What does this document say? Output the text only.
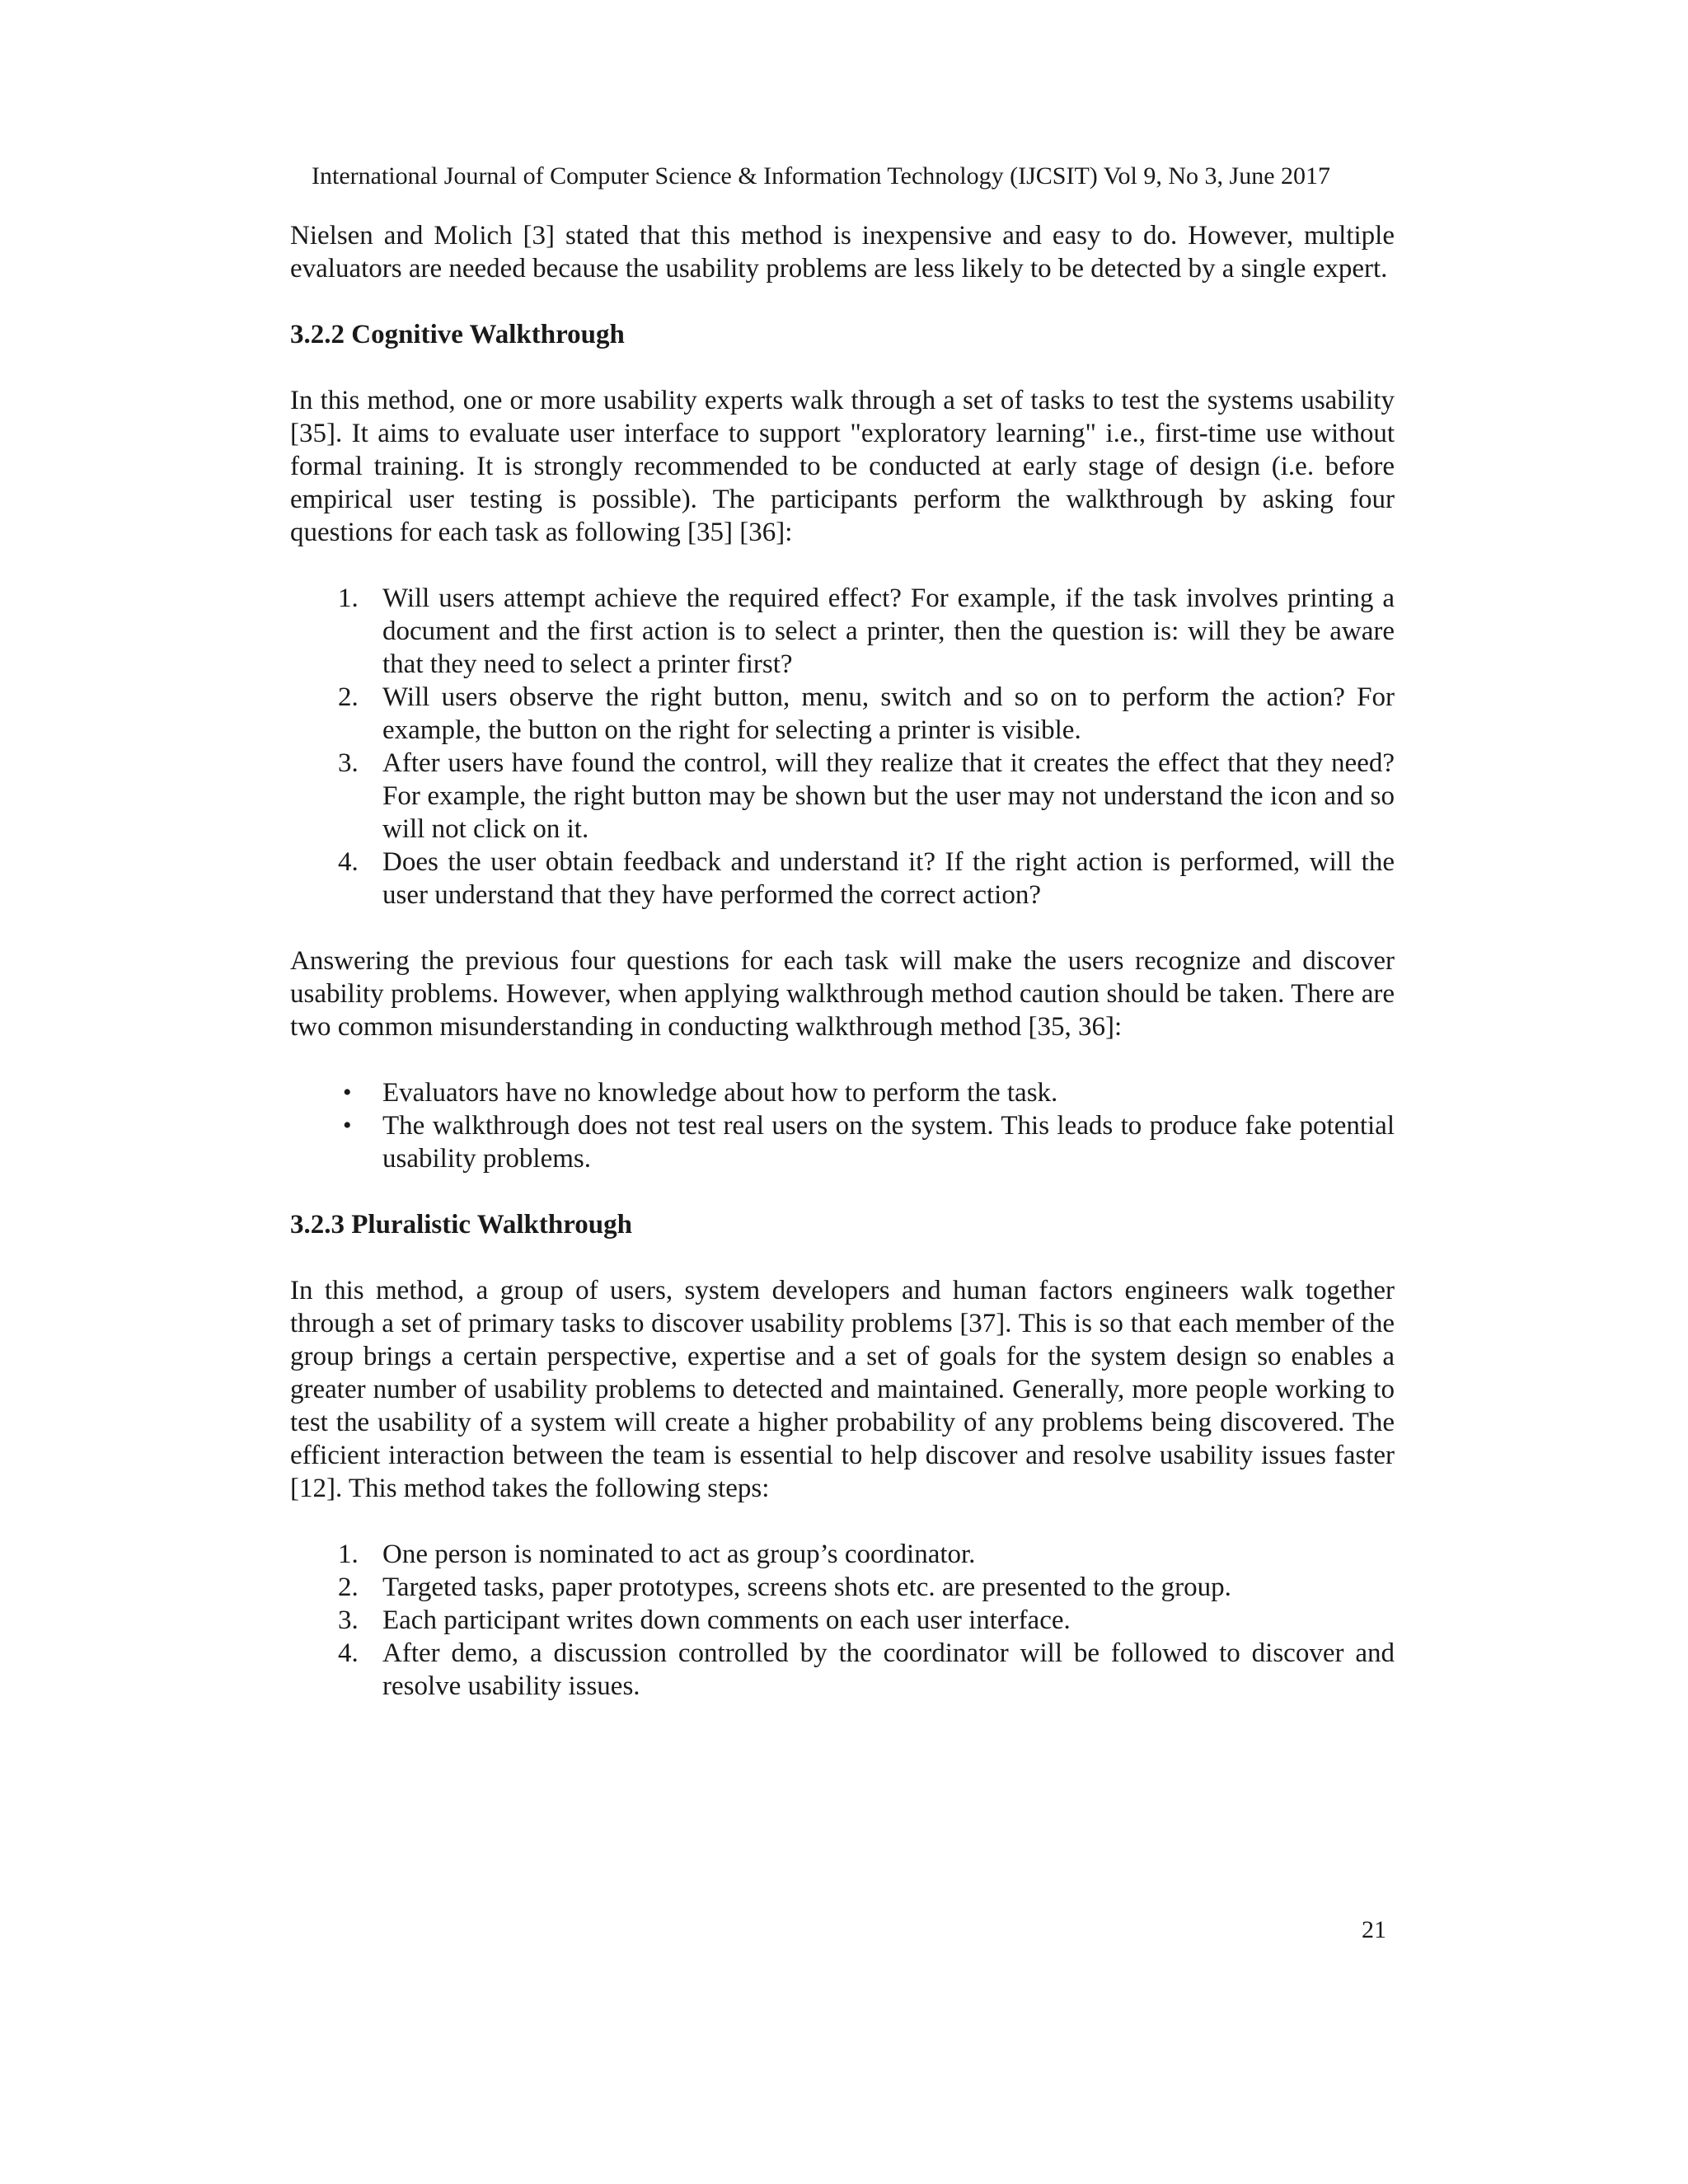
International Journal of Computer Science & Information Technology (IJCSIT) Vol 9, No 3, June 2017

Nielsen and Molich [3] stated that this method is inexpensive and easy to do. However, multiple evaluators are needed because the usability problems are less likely to be detected by a single expert.

3.2.2 Cognitive Walkthrough

In this method, one or more usability experts walk through a set of tasks to test the systems usability [35]. It aims to evaluate user interface to support "exploratory learning" i.e., first-time use without formal training. It is strongly recommended to be conducted at early stage of design (i.e. before empirical user testing is possible). The participants perform the walkthrough by asking four questions for each task as following [35] [36]:

1. Will users attempt achieve the required effect? For example, if the task involves printing a document and the first action is to select a printer, then the question is: will they be aware that they need to select a printer first?
2. Will users observe the right button, menu, switch and so on to perform the action? For example, the button on the right for selecting a printer is visible.
3. After users have found the control, will they realize that it creates the effect that they need? For example, the right button may be shown but the user may not understand the icon and so will not click on it.
4. Does the user obtain feedback and understand it? If the right action is performed, will the user understand that they have performed the correct action?

Answering the previous four questions for each task will make the users recognize and discover usability problems. However, when applying walkthrough method caution should be taken. There are two common misunderstanding in conducting walkthrough method [35, 36]:

• Evaluators have no knowledge about how to perform the task.
• The walkthrough does not test real users on the system. This leads to produce fake potential usability problems.
3.2.3 Pluralistic Walkthrough

In this method, a group of users, system developers and human factors engineers walk together through a set of primary tasks to discover usability problems [37]. This is so that each member of the group brings a certain perspective, expertise and a set of goals for the system design so enables a greater number of usability problems to detected and maintained. Generally, more people working to test the usability of a system will create a higher probability of any problems being discovered. The efficient interaction between the team is essential to help discover and resolve usability issues faster [12]. This method takes the following steps:

1. One person is nominated to act as group’s coordinator.
2. Targeted tasks, paper prototypes, screens shots etc. are presented to the group.
3. Each participant writes down comments on each user interface.
4. After demo, a discussion controlled by the coordinator will be followed to discover and resolve usability issues.
21
